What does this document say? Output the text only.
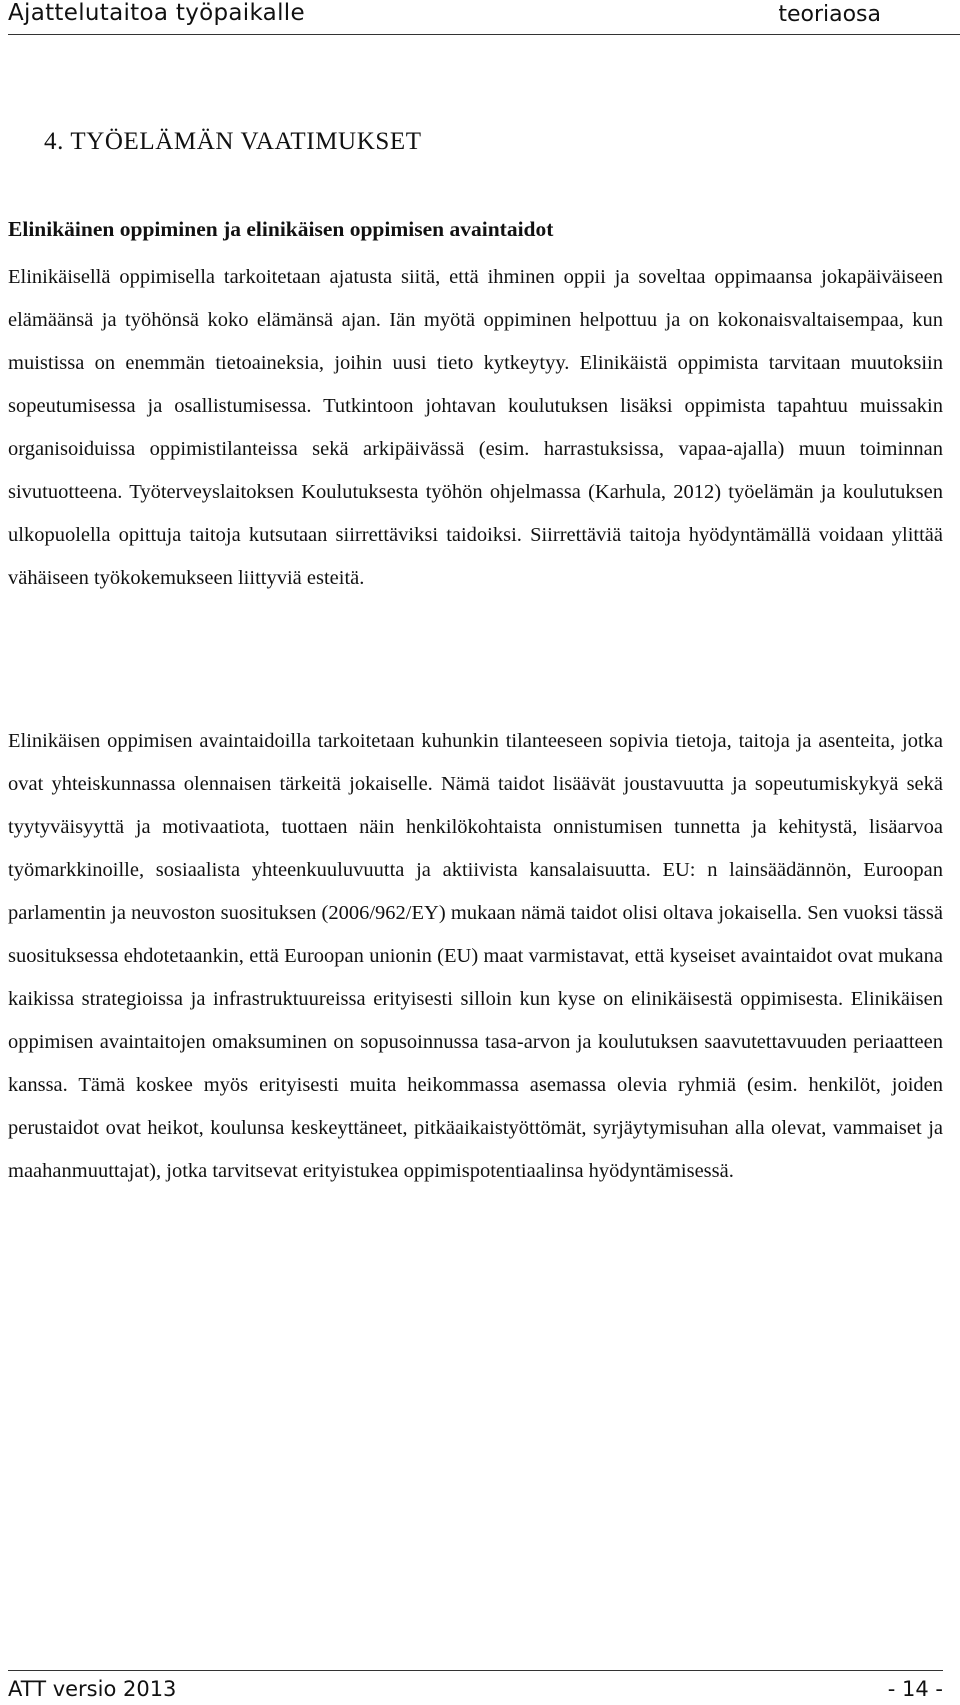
Ajattelutaitoa työpaikalle	teoriaosa
4. TYÖELÄMÄN VAATIMUKSET
Elinikäinen oppiminen ja elinikäisen oppimisen avaintaidot
Elinikäisellä oppimisella tarkoitetaan ajatusta siitä, että ihminen oppii ja soveltaa oppimaansa jokapäiväiseen elämäänsä ja työhönsä koko elämänsä ajan. Iän myötä oppiminen helpottuu ja on kokonaisvaltaisempaa, kun muistissa on enemmän tietoaineksia, joihin uusi tieto kytkeytyy. Elinikäistä oppimista tarvitaan muutoksiin sopeutumisessa ja osallistumisessa. Tutkintoon johtavan koulutuksen lisäksi oppimista tapahtuu muissakin organisoiduissa oppimistilanteissa sekä arkipäivässä (esim. harrastuksissa, vapaa-ajalla) muun toiminnan sivutuotteena. Työterveyslaitoksen Koulutuksesta työhön ohjelmassa (Karhula, 2012) työelämän ja koulutuksen ulkopuolella opittuja taitoja kutsutaan siirrettäviksi taidoiksi. Siirrettäviä taitoja hyödyntämällä voidaan ylittää vähäiseen työkokemukseen liittyviä esteitä.
Elinikäisen oppimisen avaintaidoilla tarkoitetaan kuhunkin tilanteeseen sopivia tietoja, taitoja ja asenteita, jotka ovat yhteiskunnassa olennaisen tärkeitä jokaiselle. Nämä taidot lisäävät joustavuutta ja sopeutumiskykyä sekä tyytyväisyyttä ja motivaatiota, tuottaen näin henkilökohtaista onnistumisen tunnetta ja kehitystä, lisäarvoa työmarkkinoille, sosiaalista yhteenkuuluvuutta ja aktiivista kansalaisuutta. EU: n lainsäädännön, Euroopan parlamentin ja neuvoston suosituksen (2006/962/EY) mukaan nämä taidot olisi oltava jokaisella. Sen vuoksi tässä suosituksessa ehdotetaankin, että Euroopan unionin (EU) maat varmistavat, että kyseiset avaintaidot ovat mukana kaikissa strategioissa ja infrastruktuureissa erityisesti silloin kun kyse on elinikäisestä oppimisesta. Elinikäisen oppimisen avaintaitojen omaksuminen on sopusoinnussa tasa-arvon ja koulutuksen saavutettavuuden periaatteen kanssa. Tämä koskee myös erityisesti muita heikommassa asemassa olevia ryhmiä (esim. henkilöt, joiden perustaidot ovat heikot, koulunsa keskeyttäneet, pitkäaikaistyöttömät, syrjäytymisuhan alla olevat, vammaiset ja maahanmuuttajat), jotka tarvitsevat erityistukea oppimispotentiaalinsa hyödyntämisessä.
ATT versio 2013	- 14 -
